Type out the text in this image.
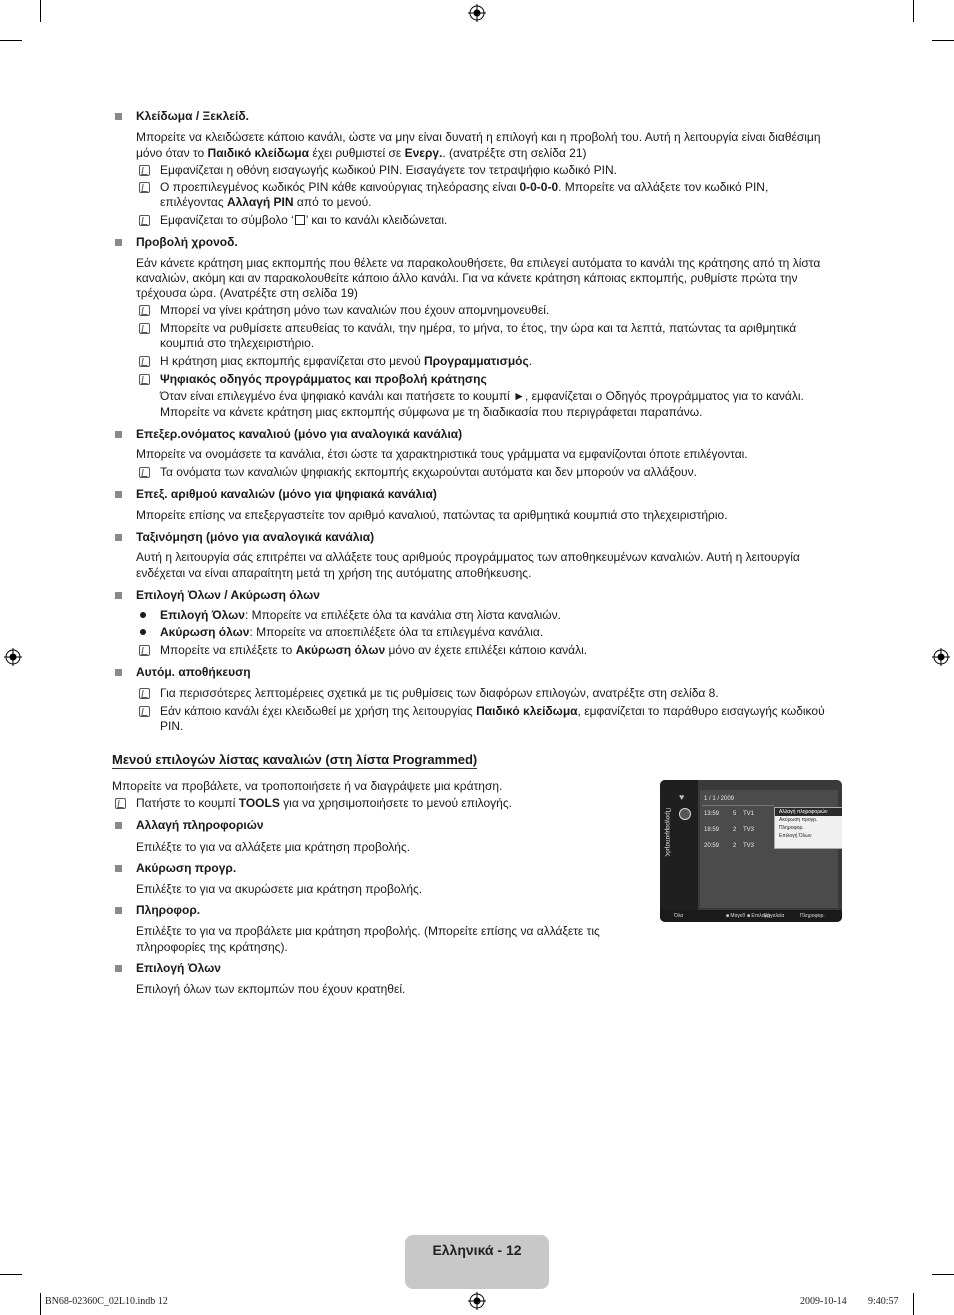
Κλείδωμα / Ξεκλείδ.
Μπορείτε να κλειδώσετε κάποιο κανάλι, ώστε να μην είναι δυνατή η επιλογή και η προβολή του. Αυτή η λειτουργία είναι διαθέσιμη
μόνο όταν το Παιδικό κλείδωμα έχει ρυθμιστεί σε Ενεργ.. (ανατρέξτε στη σελίδα 21)
Εμφανίζεται η οθόνη εισαγωγής κωδικού PIN. Εισαγάγετε τον τετραψήφιο κωδικό PIN.
Ο προεπιλεγμένος κωδικός PIN κάθε καινούργιας τηλεόρασης είναι 0-0-0-0. Μπορείτε να αλλάξετε τον κωδικό PIN,
επιλέγοντας Αλλαγή PIN από το μενού.
Εμφανίζεται το σύμβολο ‘ ’ και το κανάλι κλειδώνεται.
Προβολή χρονοδ.
Εάν κάνετε κράτηση μιας εκπομπής που θέλετε να παρακολουθήσετε, θα επιλεγεί αυτόματα το κανάλι της κράτησης από τη λίστα
καναλιών, ακόμη και αν παρακολουθείτε κάποιο άλλο κανάλι. Για να κάνετε κράτηση κάποιας εκπομπής, ρυθμίστε πρώτα την
τρέχουσα ώρα. (Ανατρέξτε στη σελίδα 19)
Μπορεί να γίνει κράτηση μόνο των καναλιών που έχουν απομνημονευθεί.
Μπορείτε να ρυθμίσετε απευθείας το κανάλι, την ημέρα, το μήνα, το έτος, την ώρα και τα λεπτά, πατώντας τα αριθμητικά
κουμπιά στο τηλεχειριστήριο.
Η κράτηση μιας εκπομπής εμφανίζεται στο μενού Προγραμματισμός.
Ψηφιακός οδηγός προγράμματος και προβολή κράτησης
Όταν είναι επιλεγμένο ένα ψηφιακό κανάλι και πατήσετε το κουμπί ►, εμφανίζεται ο Οδηγός προγράμματος για το κανάλι.
Μπορείτε να κάνετε κράτηση μιας εκπομπής σύμφωνα με τη διαδικασία που περιγράφεται παραπάνω.
Επεξερ.ονόματος καναλιού (μόνο για αναλογικά κανάλια)
Μπορείτε να ονομάσετε τα κανάλια, έτσι ώστε τα χαρακτηριστικά τους γράμματα να εμφανίζονται όποτε επιλέγονται.
Τα ονόματα των καναλιών ψηφιακής εκπομπής εκχωρούνται αυτόματα και δεν μπορούν να αλλάξουν.
Επεξ. αριθμού καναλιών (μόνο για ψηφιακά κανάλια)
Μπορείτε επίσης να επεξεργαστείτε τον αριθμό καναλιού, πατώντας τα αριθμητικά κουμπιά στο τηλεχειριστήριο.
Ταξινόμηση (μόνο για αναλογικά κανάλια)
Αυτή η λειτουργία σάς επιτρέπει να αλλάξετε τους αριθμούς προγράμματος των αποθηκευμένων καναλιών. Αυτή η λειτουργία
ενδέχεται να είναι απαραίτητη μετά τη χρήση της αυτόματης αποθήκευσης.
Επιλογή Όλων / Ακύρωση όλων
Επιλογή Όλων: Μπορείτε να επιλέξετε όλα τα κανάλια στη λίστα καναλιών.
Ακύρωση όλων: Μπορείτε να αποεπιλέξετε όλα τα επιλεγμένα κανάλια.
Μπορείτε να επιλέξετε το Ακύρωση όλων μόνο αν έχετε επιλέξει κάποιο κανάλι.
Αυτόμ. αποθήκευση
Για περισσότερες λεπτομέρειες σχετικά με τις ρυθμίσεις των διαφόρων επιλογών, ανατρέξτε στη σελίδα 8.
Εάν κάποιο κανάλι έχει κλειδωθεί με χρήση της λειτουργίας Παιδικό κλείδωμα, εμφανίζεται το παράθυρο εισαγωγής κωδικού
PIN.
Μενού επιλογών λίστας καναλιών (στη λίστα Programmed)
Μπορείτε να προβάλετε, να τροποποιήσετε ή να διαγράψετε μια κράτηση.
Πατήστε το κουμπί TOOLS για να χρησιμοποιήσετε το μενού επιλογής.
Αλλαγή πληροφοριών
Επιλέξτε το για να αλλάξετε μια κράτηση προβολής.
Ακύρωση προγρ.
Επιλέξτε το για να ακυρώσετε μια κράτηση προβολής.
Πληροφορ.
Επιλέξτε το για να προβάλετε μια κράτηση προβολής. (Μπορείτε επίσης να αλλάξετε τις
πληροφορίες της κράτησης).
Επιλογή Όλων
Επιλογή όλων των εκπομπών που έχουν κρατηθεί.
♥
Προγραμματισμός
1 / 1 / 2009
13:59 5 TV1
18:59 2 TV3
20:59 2 TV3
Αλλαγή πληροφοριών
Ακύρωση προγρ.
Πληροφορ.
Επιλογή Όλων
Όλα	■ Μαγεθ ■ Επιλογή
Εργαλεία	Πληροφορ.
Ελληνικά - 12
BN68-02360C_02L10.indb 12	2009-10-14 9:40:57
